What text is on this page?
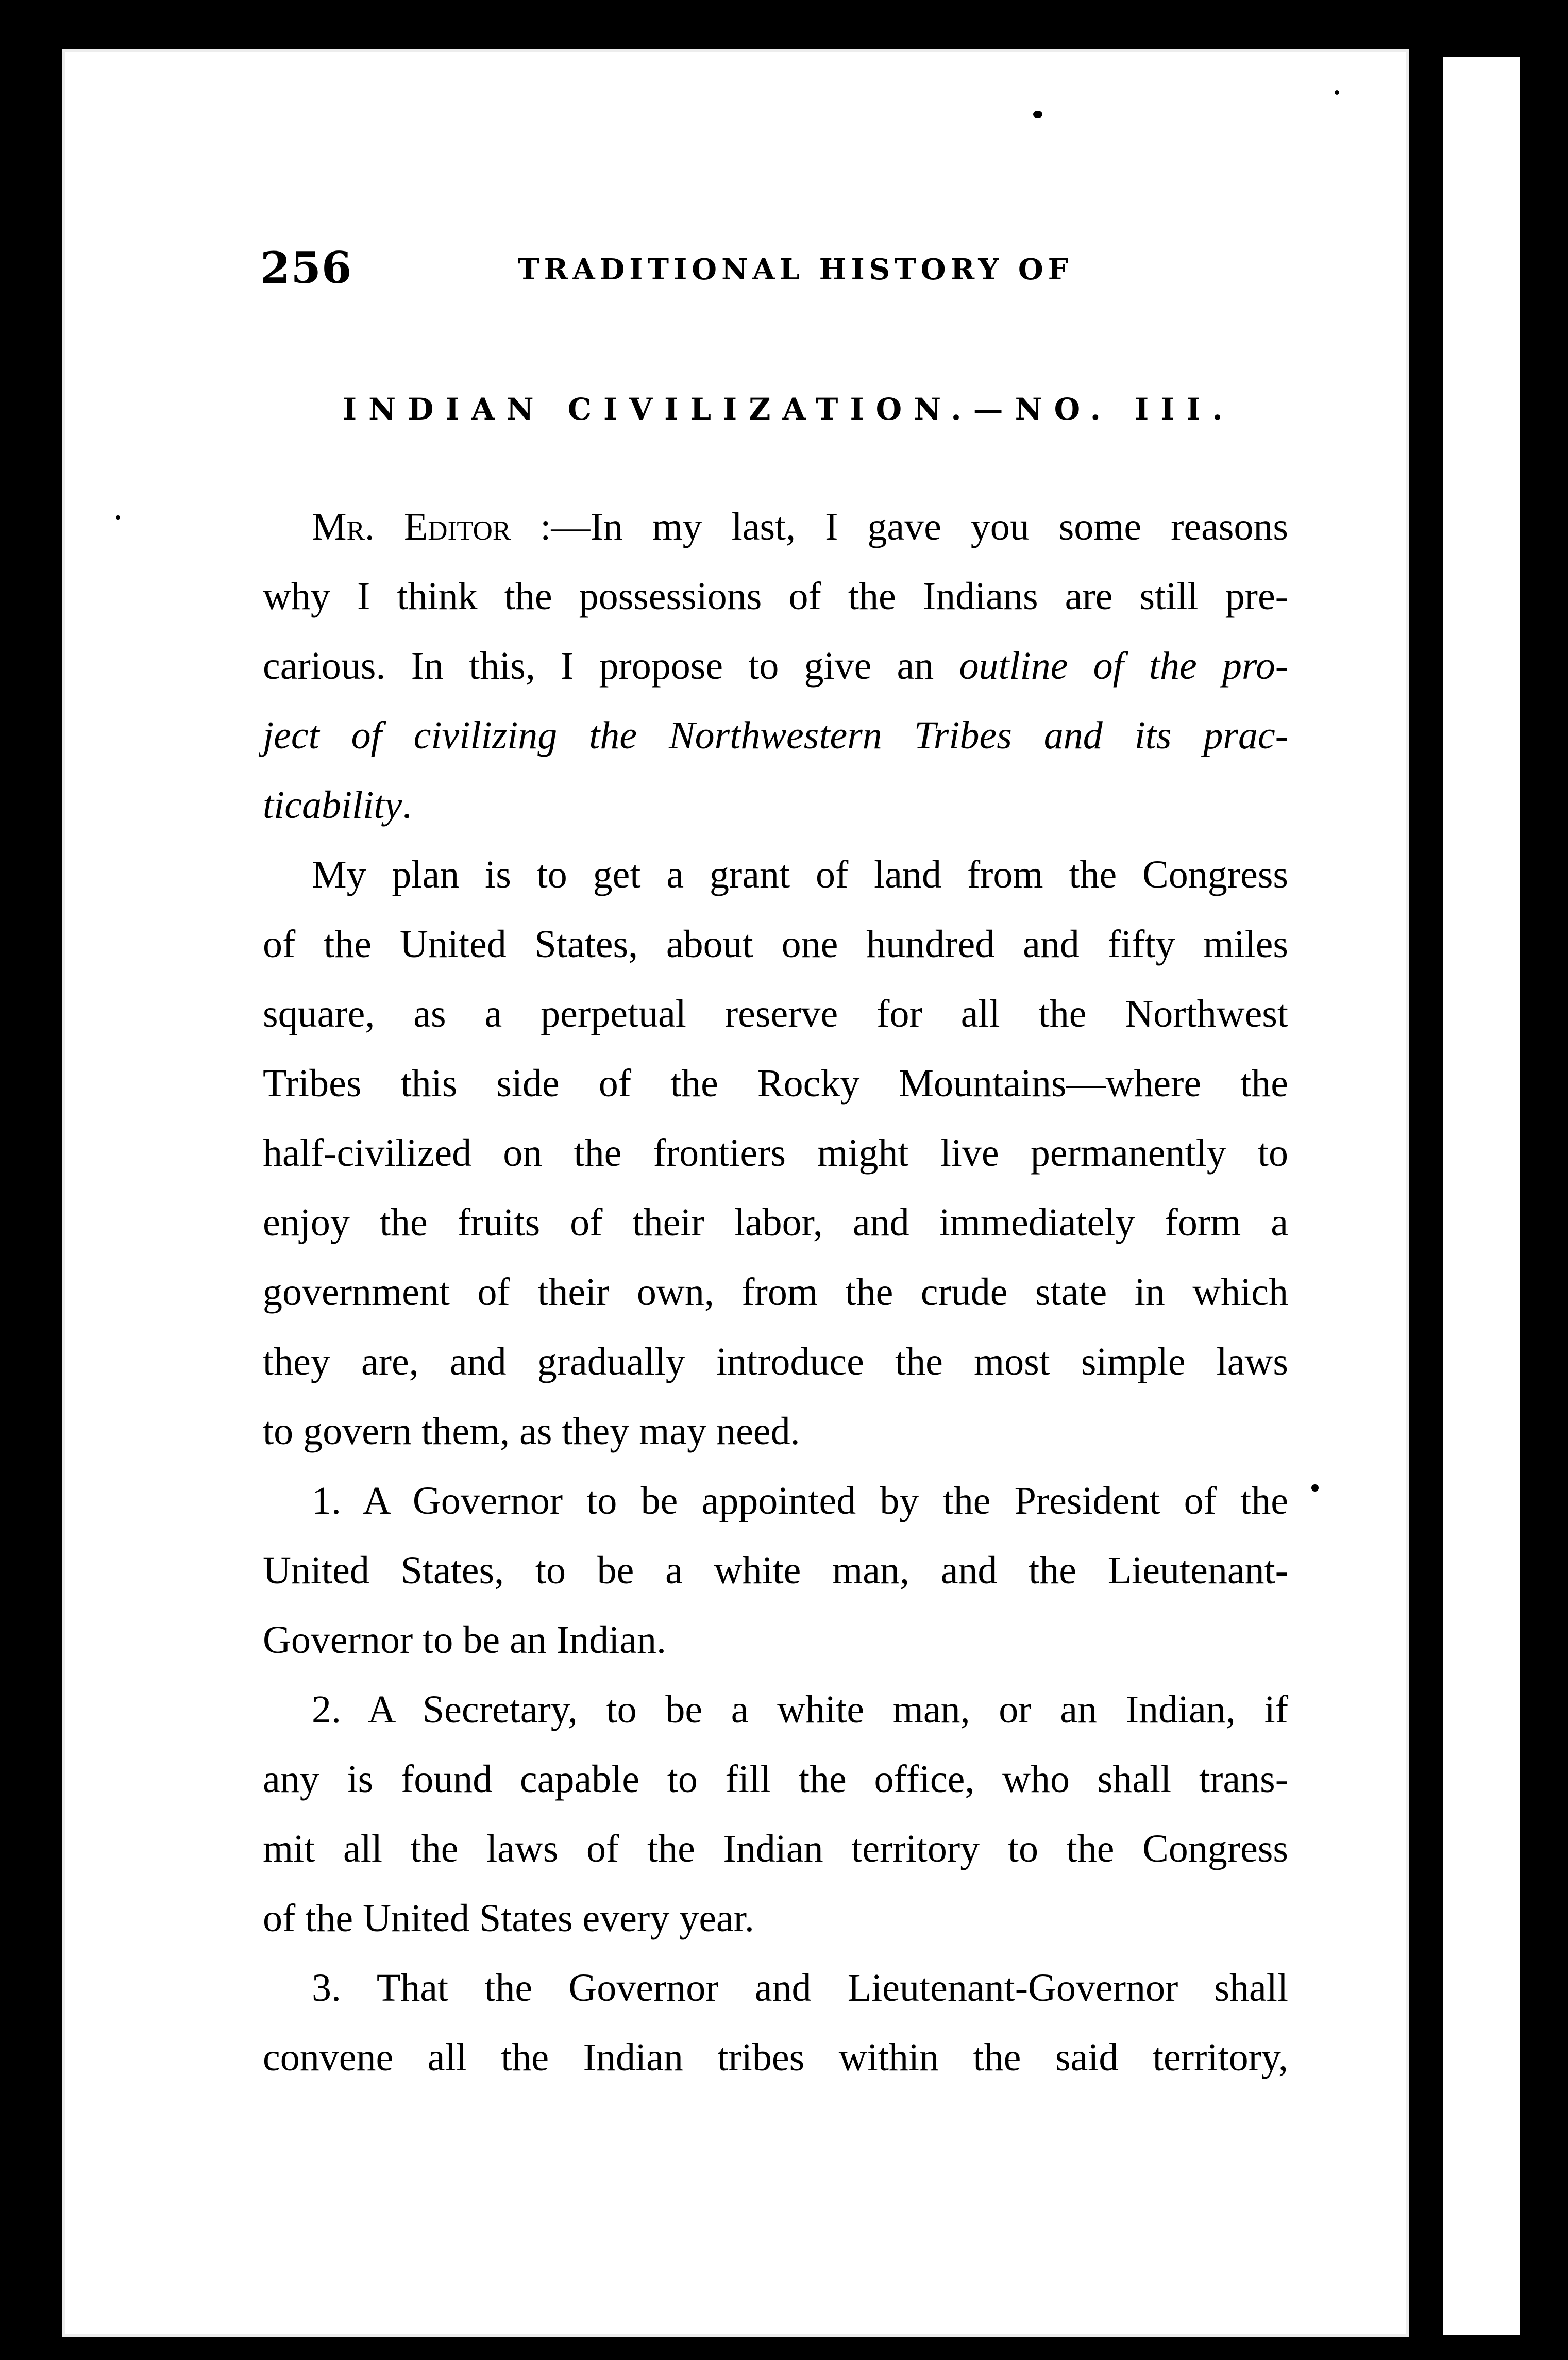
256	TRADITIONAL HISTORY OF
INDIAN CIVILIZATION.—NO. III.
Mr. Editor :—In my last, I gave you some reasons
why I think the possessions of the Indians are still pre-
carious. In this, I propose to give an outline of the pro-
ject of civilizing the Northwestern Tribes and its prac-
ticability.
My plan is to get a grant of land from the Congress
of the United States, about one hundred and fifty miles
square, as a perpetual reserve for all the Northwest
Tribes this side of the Rocky Mountains—where the
half-civilized on the frontiers might live permanently to
enjoy the fruits of their labor, and immediately form a
government of their own, from the crude state in which
they are, and gradually introduce the most simple laws
to govern them, as they may need.
1. A Governor to be appointed by the President of the
United States, to be a white man, and the Lieutenant-
Governor to be an Indian.
2. A Secretary, to be a white man, or an Indian, if
any is found capable to fill the office, who shall trans-
mit all the laws of the Indian territory to the Congress
of the United States every year.
3. That the Governor and Lieutenant-Governor shall
convene all the Indian tribes within the said territory,
